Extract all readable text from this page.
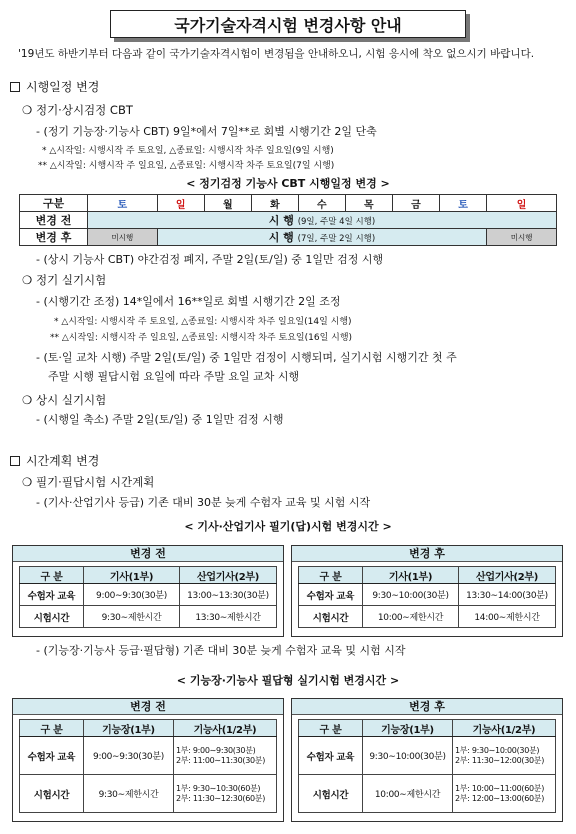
국가기술자격시험 변경사항 안내
'19년도 하반기부터 다음과 같이 국가기술자격시험이 변경됨을 안내하오니, 시험 응시에 착오 없으시기 바랍니다.
시행일정 변경
❍ 정기·상시검정 CBT
- (정기 기능장·기능사 CBT) 9일*에서 7일**로 회별 시행기간 2일 단축
* △시작일: 시행시작 주 토요일, △종료일: 시행시작 차주 일요일(9일 시행)
** △시작일: 시행시작 주 일요일, △종료일: 시행시작 차주 토요일(7일 시행)
< 정기검정 기능사 CBT 시행일정 변경 >
구분	토	일	월	화	수	목	금	토	일
변경 전	시 행 (9일, 주말 4일 시행)								
변경 후	미시행	시 행 (7일, 주말 2일 시행)							미시행
- (상시 기능사 CBT) 야간검정 폐지, 주말 2일(토/일) 중 1일만 검정 시행
❍ 정기 실기시험
- (시행기간 조정) 14*일에서 16**일로 회별 시행기간 2일 조정
* △시작일: 시행시작 주 토요일, △종료일: 시행시작 차주 일요일(14일 시행)
** △시작일: 시행시작 주 일요일, △종료일: 시행시작 차주 토요일(16일 시행)
- (토·일 교차 시행) 주말 2일(토/일) 중 1일만 검정이 시행되며, 실기시험 시행기간 첫 주
주말 시행 필답시험 요일에 따라 주말 요일 교차 시행
❍ 상시 실기시험
- (시행일 축소) 주말 2일(토/일) 중 1일만 검정 시행
시간계획 변경
❍ 필기·필답시험 시간계획
- (기사·산업기사 등급) 기존 대비 30분 늦게 수험자 교육 및 시험 시작
< 기사·산업기사 필기(답)시험 변경시간 >
변경 전
구 분	기사(1부)	산업기사(2부)
수험자 교육	9:00∼9:30(30분)	13:00∼13:30(30분)
시험시간	9:30∼제한시간	13:30∼제한시간
변경 후
구 분	기사(1부)	산업기사(2부)
수험자 교육	9:30∼10:00(30분)	13:30∼14:00(30분)
시험시간	10:00∼제한시간	14:00∼제한시간
- (기능장·기능사 등급·필답형) 기존 대비 30분 늦게 수험자 교육 및 시험 시작
< 기능장·기능사 필답형 실기시험 변경시간 >
변경 전
구 분	기능장(1부)	기능사(1/2부)
수험자 교육	9:00∼9:30(30분)	1부: 9:00∼9:30(30분)
2부: 11:00∼11:30(30분)

시험시간	9:30∼제한시간	1부: 9:30∼10:30(60분)
2부: 11:30∼12:30(60분)
변경 후
구 분	기능장(1부)	기능사(1/2부)
수험자 교육	9:30∼10:00(30분)	1부: 9:30∼10:00(30분)
2부: 11:30∼12:00(30분)

시험시간	10:00∼제한시간	1부: 10:00∼11:00(60분)
2부: 12:00∼13:00(60분)
